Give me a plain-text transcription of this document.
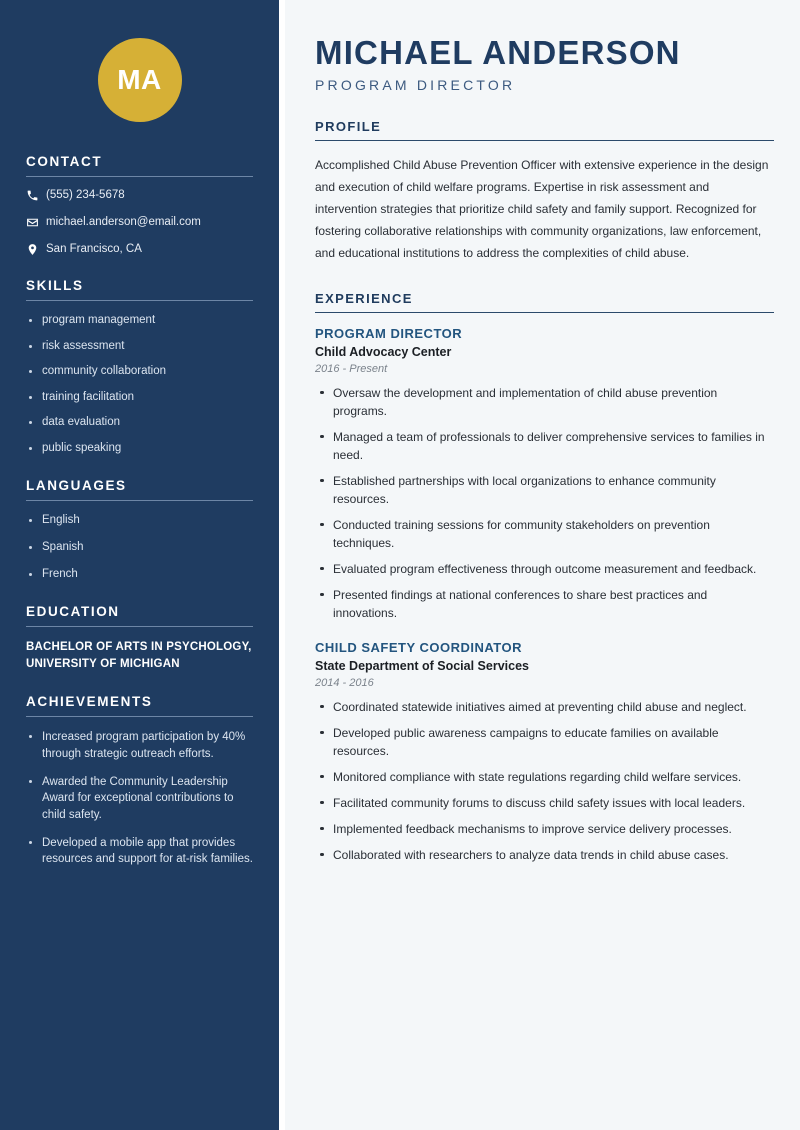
MA
CONTACT
(555) 234-5678
michael.anderson@email.com
San Francisco, CA
SKILLS
program management
risk assessment
community collaboration
training facilitation
data evaluation
public speaking
LANGUAGES
English
Spanish
French
EDUCATION
BACHELOR OF ARTS IN PSYCHOLOGY, UNIVERSITY OF MICHIGAN
ACHIEVEMENTS
Increased program participation by 40% through strategic outreach efforts.
Awarded the Community Leadership Award for exceptional contributions to child safety.
Developed a mobile app that provides resources and support for at-risk families.
MICHAEL ANDERSON
PROGRAM DIRECTOR
PROFILE

Accomplished Child Abuse Prevention Officer with extensive experience in the design and execution of child welfare programs. Expertise in risk assessment and intervention strategies that prioritize child safety and family support. Recognized for fostering collaborative relationships with community organizations, law enforcement, and educational institutions to address the complexities of child abuse.

EXPERIENCE
PROGRAM DIRECTOR
Child Advocacy Center
2016 - Present
Oversaw the development and implementation of child abuse prevention programs.
Managed a team of professionals to deliver comprehensive services to families in need.
Established partnerships with local organizations to enhance community resources.
Conducted training sessions for community stakeholders on prevention techniques.
Evaluated program effectiveness through outcome measurement and feedback.
Presented findings at national conferences to share best practices and innovations.
CHILD SAFETY COORDINATOR
State Department of Social Services
2014 - 2016
Coordinated statewide initiatives aimed at preventing child abuse and neglect.
Developed public awareness campaigns to educate families on available resources.
Monitored compliance with state regulations regarding child welfare services.
Facilitated community forums to discuss child safety issues with local leaders.
Implemented feedback mechanisms to improve service delivery processes.
Collaborated with researchers to analyze data trends in child abuse cases.
